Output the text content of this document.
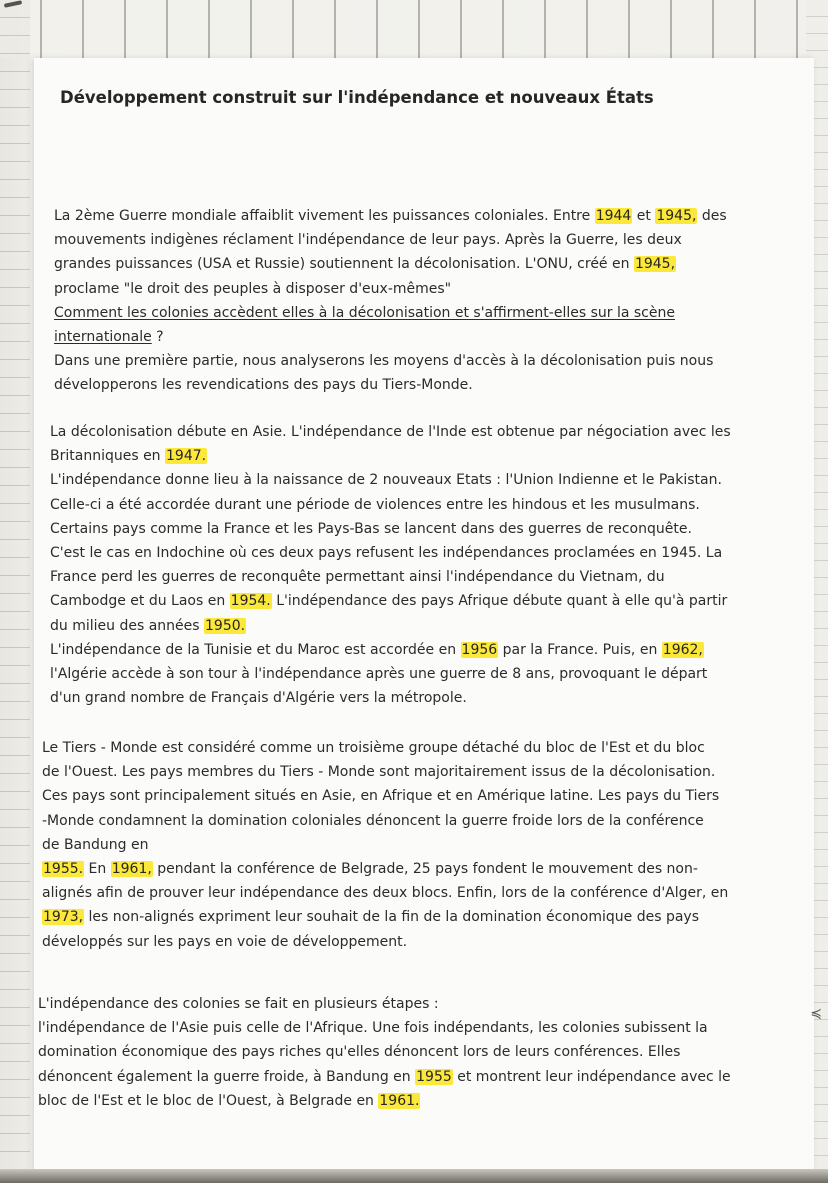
≼
Développement construit sur l'indépendance et nouveaux États

La 2ème Guerre mondiale affaiblit vivement les puissances coloniales. Entre 1944 et 1945, des

mouvements indigènes réclament l'indépendance de leur pays. Après la Guerre, les deux

grandes puissances (USA et Russie) soutiennent la décolonisation. L'ONU, créé en 1945,

proclame "le droit des peuples à disposer d'eux-mêmes"

Comment les colonies accèdent elles à la décolonisation et s'affirment-elles sur la scène

internationale ?

Dans une première partie, nous analyserons les moyens d'accès à la décolonisation puis nous

développerons les revendications des pays du Tiers-Monde.

La décolonisation débute en Asie. L'indépendance de l'Inde est obtenue par négociation avec les

Britanniques en 1947.

L'indépendance donne lieu à la naissance de 2 nouveaux Etats : l'Union Indienne et le Pakistan.

Celle-ci a été accordée durant une période de violences entre les hindous et les musulmans.

Certains pays comme la France et les Pays-Bas se lancent dans des guerres de reconquête.

C'est le cas en Indochine où ces deux pays refusent les indépendances proclamées en 1945. La

France perd les guerres de reconquête permettant ainsi l'indépendance du Vietnam, du

Cambodge et du Laos en 1954. L'indépendance des pays Afrique débute quant à elle qu'à partir

du milieu des années 1950.

L'indépendance de la Tunisie et du Maroc est accordée en 1956 par la France. Puis, en 1962,

l'Algérie accède à son tour à l'indépendance après une guerre de 8 ans, provoquant le départ

d'un grand nombre de Français d'Algérie vers la métropole.

Le Tiers - Monde est considéré comme un troisième groupe détaché du bloc de l'Est et du bloc

de l'Ouest. Les pays membres du Tiers - Monde sont majoritairement issus de la décolonisation.

Ces pays sont principalement situés en Asie, en Afrique et en Amérique latine. Les pays du Tiers

-Monde condamnent la domination coloniales dénoncent la guerre froide lors de la conférence

de Bandung en

1955. En 1961, pendant la conférence de Belgrade, 25 pays fondent le mouvement des non-

alignés afin de prouver leur indépendance des deux blocs. Enfin, lors de la conférence d'Alger, en

1973, les non-alignés expriment leur souhait de la fin de la domination économique des pays

développés sur les pays en voie de développement.

L'indépendance des colonies se fait en plusieurs étapes :

l'indépendance de l'Asie puis celle de l'Afrique. Une fois indépendants, les colonies subissent la

domination économique des pays riches qu'elles dénoncent lors de leurs conférences. Elles

dénoncent également la guerre froide, à Bandung en 1955 et montrent leur indépendance avec le

bloc de l'Est et le bloc de l'Ouest, à Belgrade en 1961.
